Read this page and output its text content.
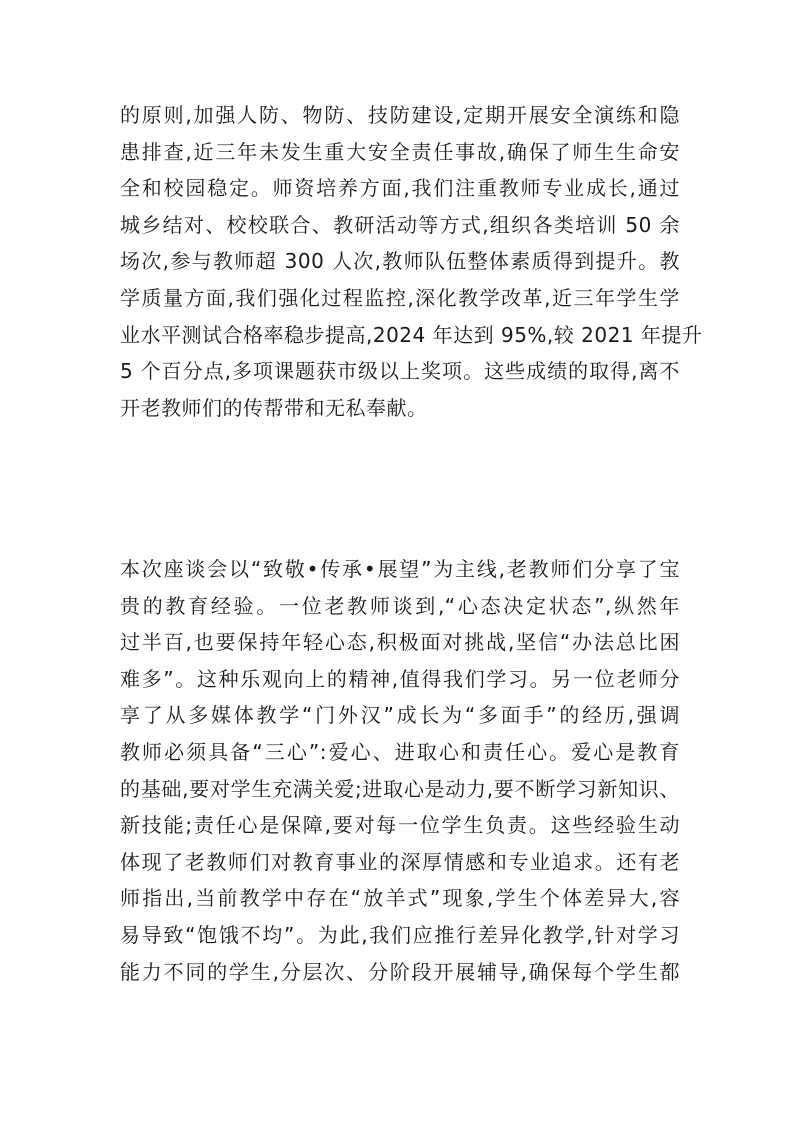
的原则,加强人防、物防、技防建设,定期开展安全演练和隐
患排查,近三年未发生重大安全责任事故,确保了师生生命安
全和校园稳定。师资培养方面,我们注重教师专业成长,通过
城乡结对、校校联合、教研活动等方式,组织各类培训 50 余
场次,参与教师超 300 人次,教师队伍整体素质得到提升。教
学质量方面,我们强化过程监控,深化教学改革,近三年学生学
业水平测试合格率稳步提高,2024 年达到 95%,较 2021 年提升
5 个百分点,多项课题获市级以上奖项。这些成绩的取得,离不
开老教师们的传帮带和无私奉献。

本次座谈会以“致敬•传承•展望”为主线,老教师们分享了宝
贵的教育经验。一位老教师谈到,“心态决定状态”,纵然年
过半百,也要保持年轻心态,积极面对挑战,坚信“办法总比困
难多”。这种乐观向上的精神,值得我们学习。另一位老师分
享了从多媒体教学“门外汉”成长为“多面手”的经历,强调
教师必须具备“三心”:爱心、进取心和责任心。爱心是教育
的基础,要对学生充满关爱;进取心是动力,要不断学习新知识、
新技能;责任心是保障,要对每一位学生负责。这些经验生动
体现了老教师们对教育事业的深厚情感和专业追求。还有老
师指出,当前教学中存在“放羊式”现象,学生个体差异大,容
易导致“饱饿不均”。为此,我们应推行差异化教学,针对学习
能力不同的学生,分层次、分阶段开展辅导,确保每个学生都
